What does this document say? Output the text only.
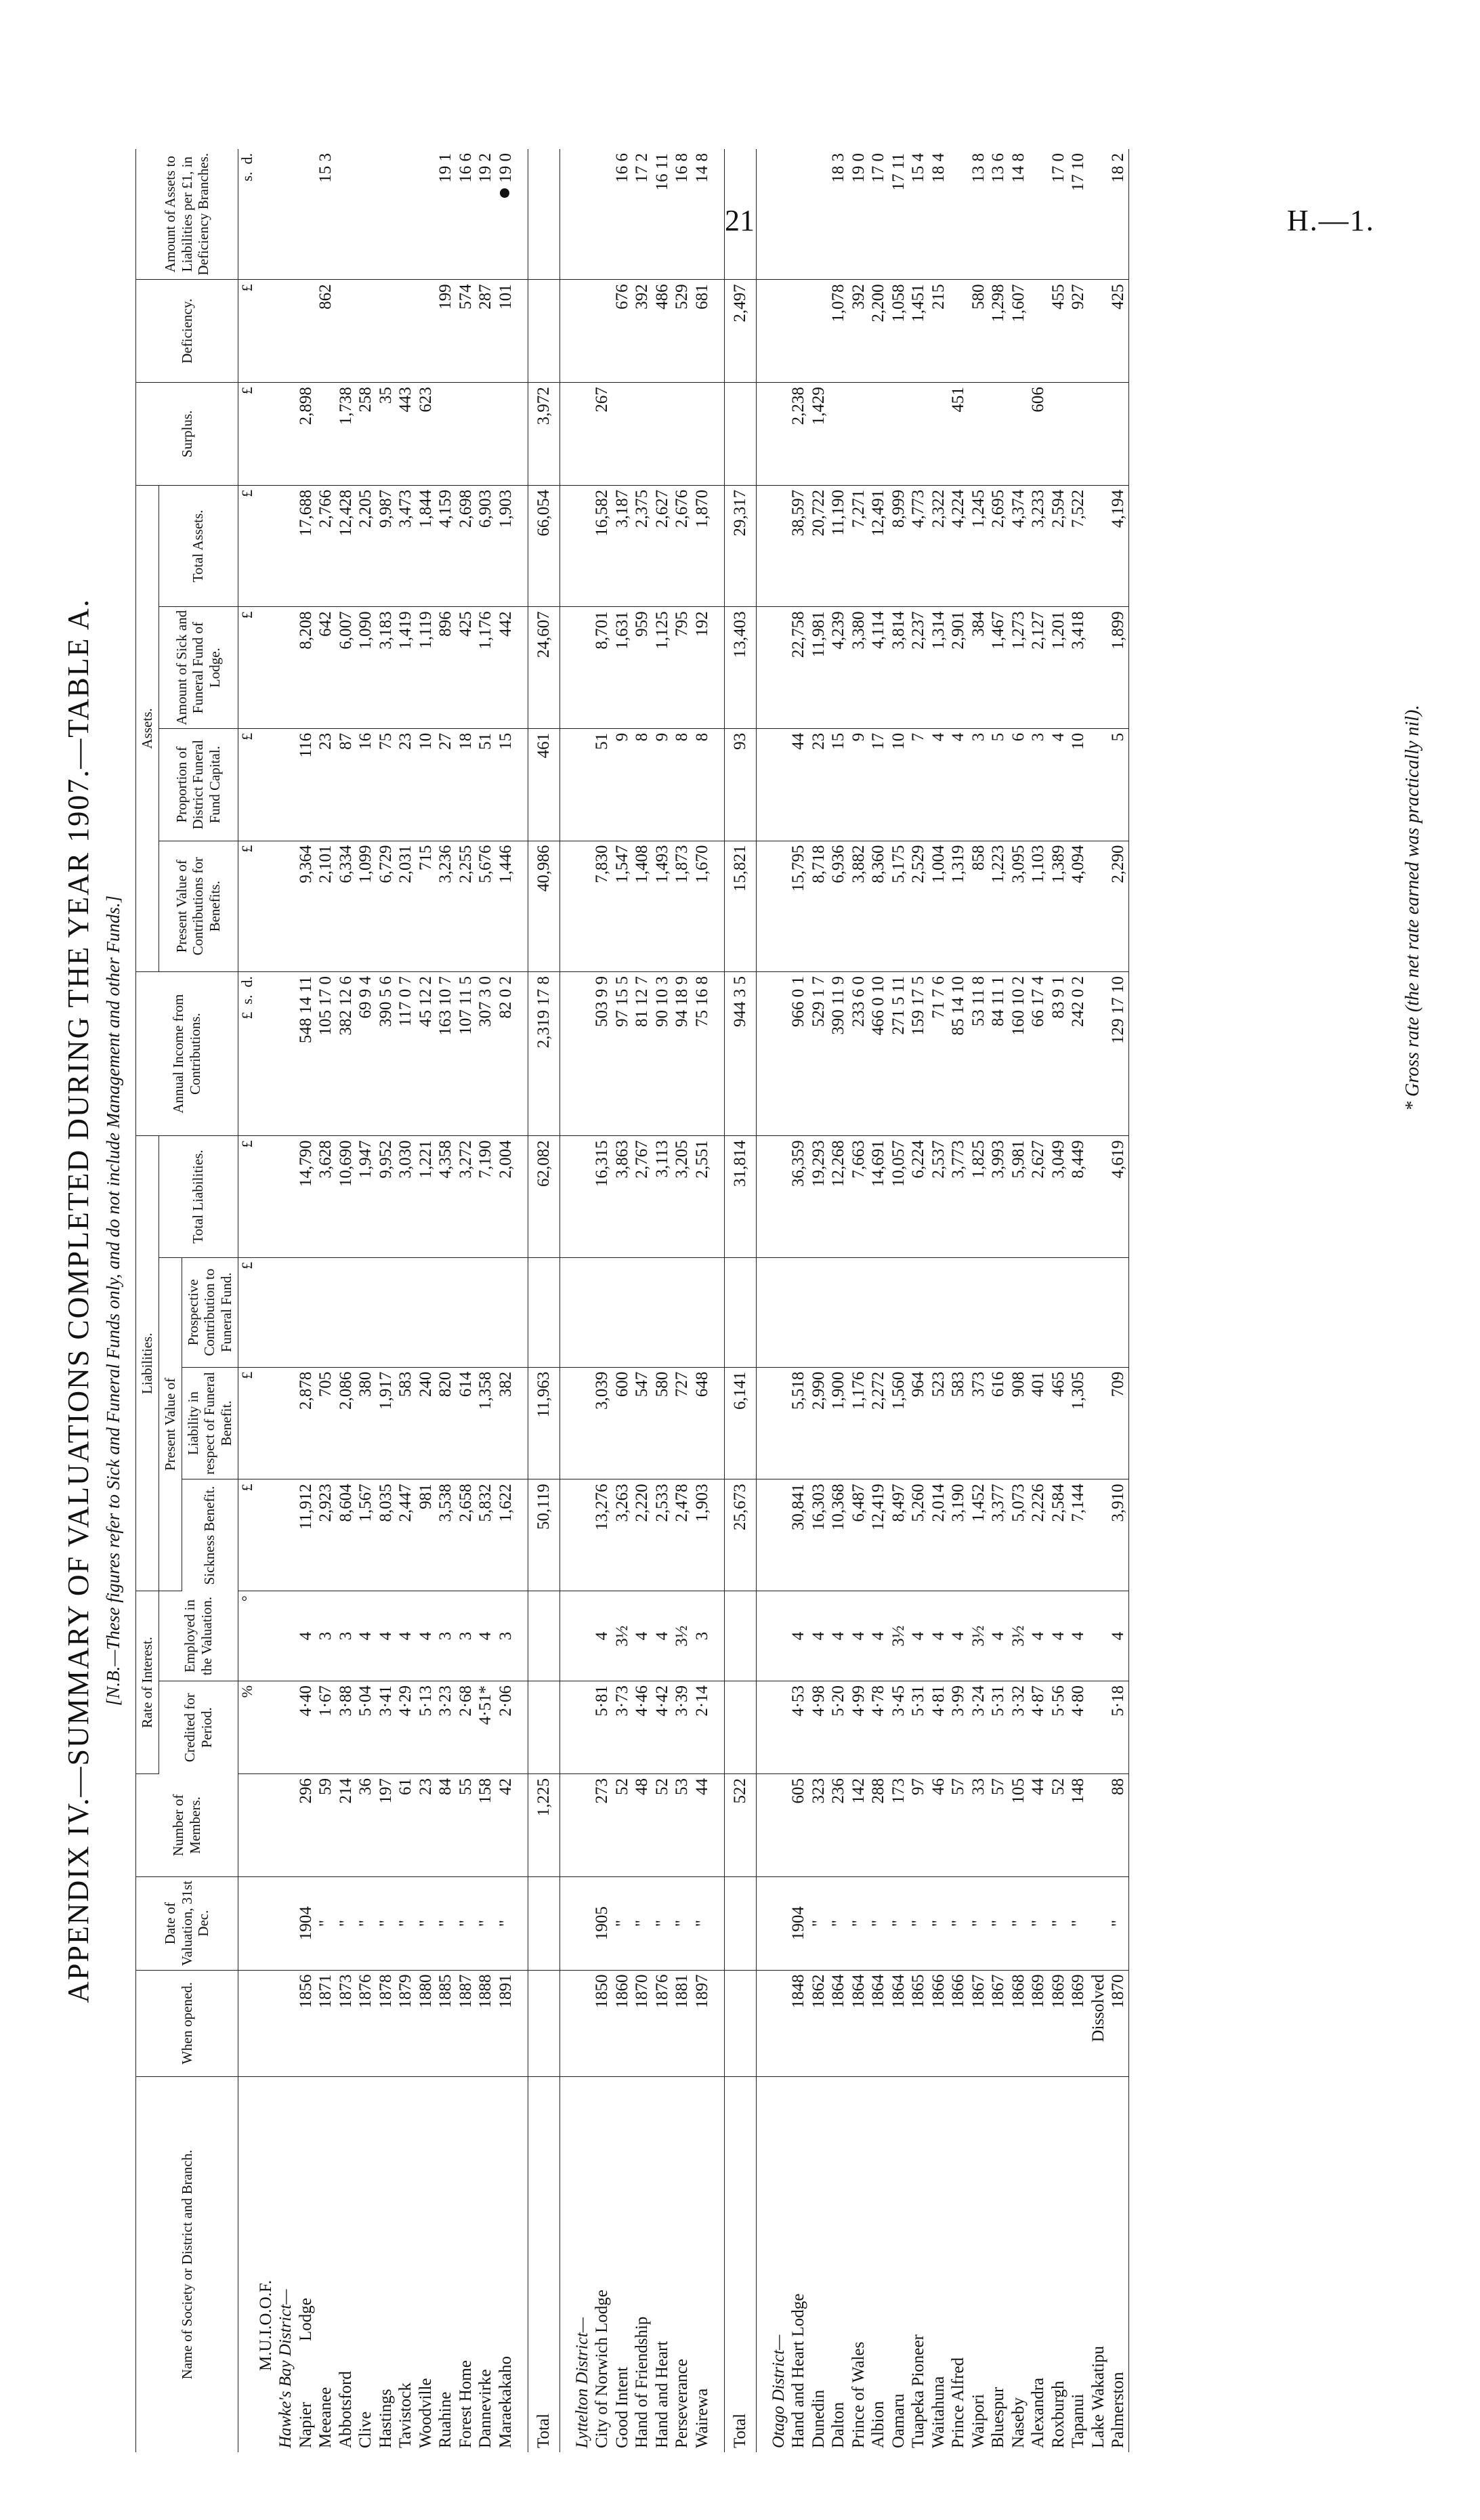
21	H.—1.
APPENDIX IV.—SUMMARY OF VALUATIONS COMPLETED DURING THE YEAR 1907.—TABLE A. [N.B.—These figures refer to Sick and Funeral Funds only, and do not include Management and other Funds.]
Name of Society or District and Branch.	When opened.	Date of Valuation, 31st Dec.	Number of Members.	Rate of Interest.		Liabilities.				Annual Income from Contributions.	Assets.				Surplus.	Deficiency.	Amount of Assets to Liabilities per £1, in Deficiency Branches.
				Credited for Period.	Employed in the Valuation.	Present Value of			Total Liabilities.		Present Value of Contributions for Benefits.	Proportion of District Funeral Fund Capital.	Amount of Sick and Funeral Fund of Lodge.	Total Assets.			
						Sickness Benefit.	Liability in respect of Funeral Benefit.	Prospective Contribution to Funeral Fund.									
				%	°	£	£	£	£	£  s.  d.	£	£	£	£	£	£	s.  d.
M.U.I.O.O.F.																	
Hawke's Bay District—																	
NapierLodge	1856	1904	296	4·40	4	11,912	2,878		14,790	548 14 11	9,364	116	8,208	17,688	2,898		
Meeanee	1871	"	59	1·67	3	2,923	705		3,628	105 17 0	2,101	23	642	2,766		862	15 3
Abbotsford	1873	"	214	3·88	3	8,604	2,086		10,690	382 12 6	6,334	87	6,007	12,428	1,738		
Clive	1876	"	36	5·04	4	1,567	380		1,947	69 9 4	1,099	16	1,090	2,205	258		
Hastings	1878	"	197	3·41	4	8,035	1,917		9,952	390 5 6	6,729	75	3,183	9,987	35		
Tavistock	1879	"	61	4·29	4	2,447	583		3,030	117 0 7	2,031	23	1,419	3,473	443		
Woodville	1880	"	23	5·13	4	981	240		1,221	45 12 2	715	10	1,119	1,844	623		
Ruahine	1885	"	84	3·23	3	3,538	820		4,358	163 10 7	3,236	27	896	4,159		199	19 1
Forest Home	1887	"	55	2·68	3	2,658	614		3,272	107 11 5	2,255	18	425	2,698		574	16 6
Dannevirke	1888	"	158	4·51*	4	5,832	1,358		7,190	307 3 0	5,676	51	1,176	6,903		287	19 2
Maraekakaho	1891	"	42	2·06	3	1,622	382		2,004	82 0 2	1,446	15	442	1,903		101	19 0

Total			1,225			50,119	11,963		62,082	2,319 17 8	40,986	461	24,607	66,054	3,972		

Lyttelton District—																	
City of Norwich Lodge	1850	1905	273	5·81	4	13,276	3,039		16,315	503 9 9	7,830	51	8,701	16,582	267		
Good Intent	1860	"	52	3·73	3½	3,263	600		3,863	97 15 5	1,547	9	1,631	3,187		676	16 6
Hand of Friendship	1870	"	48	4·46	4	2,220	547		2,767	81 12 7	1,408	8	959	2,375		392	17 2
Hand and Heart	1876	"	52	4·42	4	2,533	580		3,113	90 10 3	1,493	9	1,125	2,627		486	16 11
Perseverance	1881	"	53	3·39	3½	2,478	727		3,205	94 18 9	1,873	8	795	2,676		529	16 8
Wairewa	1897	"	44	2·14	3	1,903	648		2,551	75 16 8	1,670	8	192	1,870		681	14 8

Total			522			25,673	6,141		31,814	944 3 5	15,821	93	13,403	29,317		2,497	

Otago District—																	
Hand and Heart Lodge	1848	1904	605	4·53	4	30,841	5,518		36,359	966 0 1	15,795	44	22,758	38,597	2,238		
Dunedin	1862	"	323	4·98	4	16,303	2,990		19,293	529 1 7	8,718	23	11,981	20,722	1,429		
Dalton	1864	"	236	5·20	4	10,368	1,900		12,268	390 11 9	6,936	15	4,239	11,190		1,078	18 3
Prince of Wales	1864	"	142	4·99	4	6,487	1,176		7,663	233 6 0	3,882	9	3,380	7,271		392	19 0
Albion	1864	"	288	4·78	4	12,419	2,272		14,691	466 0 10	8,360	17	4,114	12,491		2,200	17 0
Oamaru	1864	"	173	3·45	3½	8,497	1,560		10,057	271 5 11	5,175	10	3,814	8,999		1,058	17 11
Tuapeka Pioneer	1865	"	97	5·31	4	5,260	964		6,224	159 17 5	2,529	7	2,237	4,773		1,451	15 4
Waitahuna	1866	"	46	4·81	4	2,014	523		2,537	71 7 6	1,004	4	1,314	2,322		215	18 4
Prince Alfred	1866	"	57	3·99	4	3,190	583		3,773	85 14 10	1,319	4	2,901	4,224	451		
Waipori	1867	"	33	3·24	3½	1,452	373		1,825	53 11 8	858	3	384	1,245		580	13 8
Bluespur	1867	"	57	5·31	4	3,377	616		3,993	84 11 1	1,223	5	1,467	2,695		1,298	13 6
Naseby	1868	"	105	3·32	3½	5,073	908		5,981	160 10 2	3,095	6	1,273	4,374		1,607	14 8
Alexandra	1869	"	44	4·87	4	2,226	401		2,627	66 17 4	1,103	3	2,127	3,233	606		
Roxburgh	1869	"	52	5·56	4	2,584	465		3,049	83 9 1	1,389	4	1,201	2,594		455	17 0
Tapanui	1869	"	148	4·80	4	7,144	1,305		8,449	242 0 2	4,094	10	3,418	7,522		927	17 10
Lake Wakatipu	Dissolved																
Palmerston	1870	"	88	5·18	4	3,910	709		4,619	129 17 10	2,290	5	1,899	4,194		425	18 2
* Gross rate (the net rate earned was practically nil).
